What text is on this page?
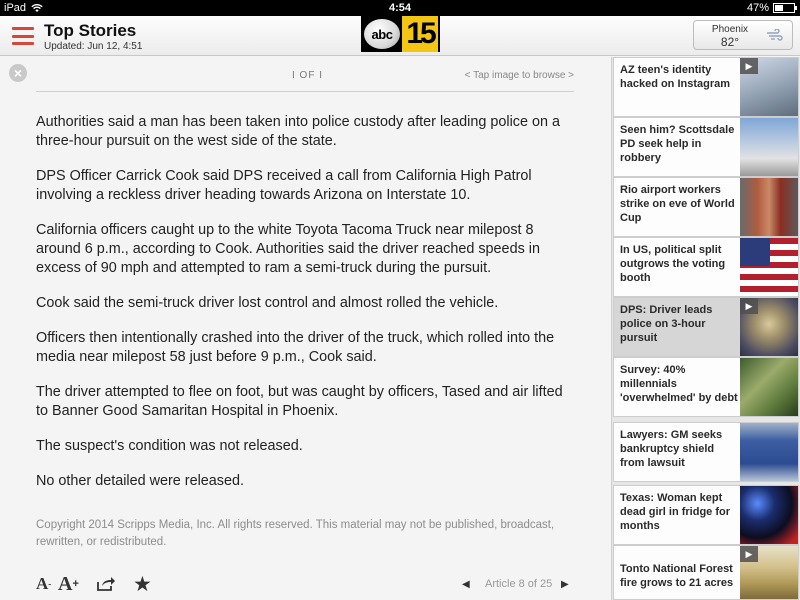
iPad	4:54	47%
Top Stories
Updated: Jun 12, 4:51
abc 15	Phoenix
82°
×	I OF I	< Tap image to browse >

Authorities said a man has been taken into police custody after leading police on a three-hour pursuit on the west side of the state.

DPS Officer Carrick Cook said DPS received a call from California High Patrol involving a reckless driver heading towards Arizona on Interstate 10.

California officers caught up to the white Toyota Tacoma Truck near milepost 8 around 6 p.m., according to Cook. Authorities said the driver reached speeds in excess of 90 mph and attempted to ram a semi-truck during the pursuit.

Cook said the semi-truck driver lost control and almost rolled the vehicle.

Officers then intentionally crashed into the driver of the truck, which rolled into the media near milepost 58 just before 9 p.m., Cook said.

The driver attempted to flee on foot, but was caught by officers, Tased and air lifted to Banner Good Samaritan Hospital in Phoenix.

The suspect's condition was not released.

No other detailed were released.

Copyright 2014 Scripps Media, Inc. All rights reserved. This material may not be published, broadcast, rewritten, or redistributed.
A - A +	★	◀ Article 8 of 25 ▶
AZ teen's identity hacked on Instagram
▶
Seen him? Scottsdale PD seek help in robbery
Rio airport workers strike on eve of World Cup
In US, political split outgrows the voting booth
DPS: Driver leads police on 3-hour pursuit
▶
Survey: 40% millennials 'overwhelmed' by debt
Lawyers: GM seeks bankruptcy shield from lawsuit
Texas: Woman kept dead girl in fridge for months
Tonto National Forest fire grows to 21 acres
▶
